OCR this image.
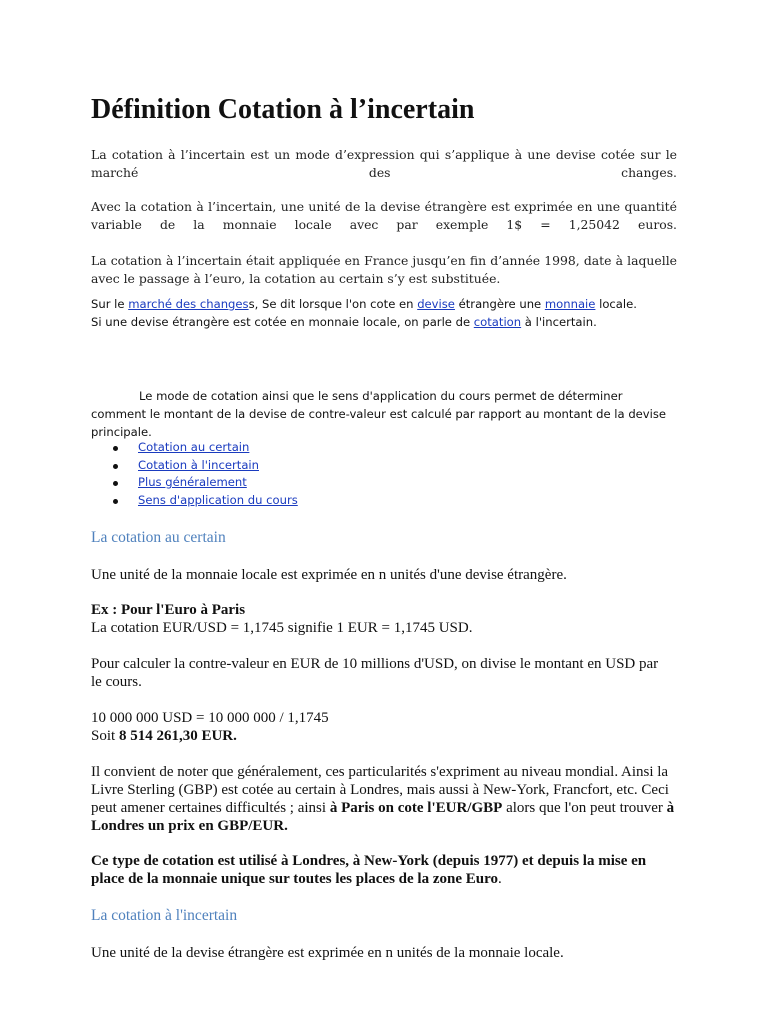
Définition Cotation à l’incertain

La cotation à l’incertain est un mode d’expression qui s’applique à une devise cotée sur le marché des changes.

Avec la cotation à l’incertain, une unité de la devise étrangère est exprimée en une quantité variable de la monnaie locale avec par exemple 1$ = 1,25042 euros.

La cotation à l’incertain était appliquée en France jusqu’en fin d’année 1998, date à laquelle avec le passage à l’euro, la cotation au certain s’y est substituée.

Sur le marché des changess, Se dit lorsque l'on cote en devise étrangère une monnaie locale. Si une devise étrangère est cotée en monnaie locale, on parle de cotation à l'incertain.

Le mode de cotation ainsi que le sens d'application du cours permet de déterminer comment le montant de la devise de contre-valeur est calculé par rapport au montant de la devise principale.

Cotation au certain
Cotation à l'incertain
Plus généralement
Sens d'application du cours
La cotation au certain

Une unité de la monnaie locale est exprimée en n unités d'une devise étrangère.

Ex : Pour l'Euro à Paris
La cotation EUR/USD = 1,1745 signifie 1 EUR = 1,1745 USD.

Pour calculer la contre-valeur en EUR de 10 millions d'USD, on divise le montant en USD par le cours.

10 000 000 USD = 10 000 000 / 1,1745
Soit 8 514 261,30 EUR.

Il convient de noter que généralement, ces particularités s'expriment au niveau mondial. Ainsi la Livre Sterling (GBP) est cotée au certain à Londres, mais aussi à New-York, Francfort, etc. Ceci peut amener certaines difficultés ; ainsi à Paris on cote l'EUR/GBP alors que l'on peut trouver à Londres un prix en GBP/EUR.

Ce type de cotation est utilisé à Londres, à New-York (depuis 1977) et depuis la mise en place de la monnaie unique sur toutes les places de la zone Euro.

La cotation à l'incertain

Une unité de la devise étrangère est exprimée en n unités de la monnaie locale.
